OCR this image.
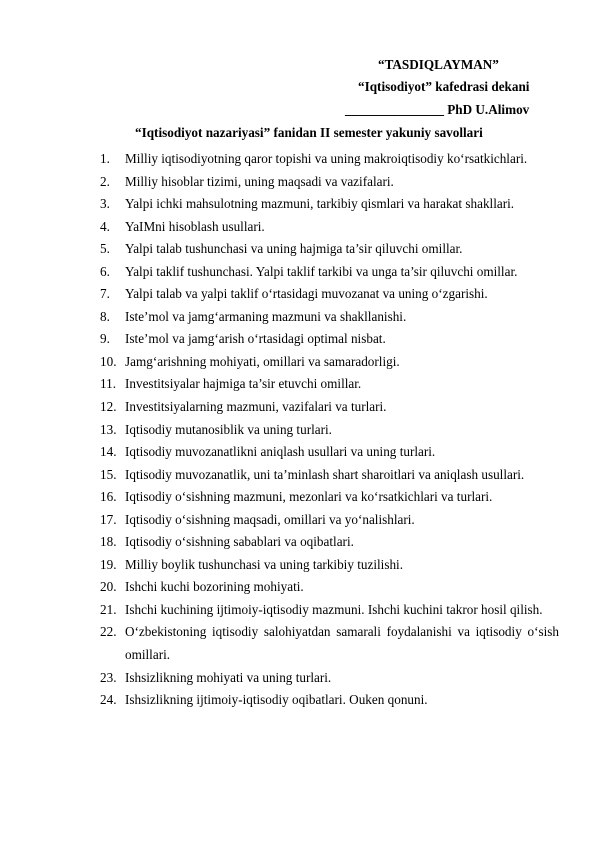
“TASDIQLAYMAN”
“Iqtisodiyot” kafedrasi dekani
_______________ PhD U.Alimov
“Iqtisodiyot nazariyasi” fanidan II semester yakuniy savollari
1. Milliy iqtisodiyotning qaror topishi va uning makroiqtisodiy ko‘rsatkichlari.
2. Milliy hisoblar tizimi, uning maqsadi va vazifalari.
3. Yalpi ichki mahsulotning mazmuni, tarkibiy qismlari va harakat shakllari.
4. YaIMni hisoblash usullari.
5. Yalpi talab tushunchasi va uning hajmiga ta’sir qiluvchi omillar.
6. Yalpi taklif tushunchasi. Yalpi taklif tarkibi va unga ta’sir qiluvchi omillar.
7. Yalpi talab va yalpi taklif o‘rtasidagi muvozanat va uning o‘zgarishi.
8. Iste’mol va jamg‘armaning mazmuni va shakllanishi.
9. Iste’mol va jamg‘arish o‘rtasidagi optimal nisbat.
10. Jamg‘arishning mohiyati, omillari va samaradorligi.
11. Investitsiyalar hajmiga ta’sir etuvchi omillar.
12. Investitsiyalarning mazmuni, vazifalari va turlari.
13. Iqtisodiy mutanosiblik va uning turlari.
14. Iqtisodiy muvozanatlikni aniqlash usullari va uning turlari.
15. Iqtisodiy muvozanatlik, uni ta’minlash shart sharoitlari va aniqlash usullari.
16. Iqtisodiy o‘sishning mazmuni, mezonlari va ko‘rsatkichlari va turlari.
17. Iqtisodiy o‘sishning maqsadi, omillari va yo‘nalishlari.
18. Iqtisodiy o‘sishning sabablari va oqibatlari.
19. Milliy boylik tushunchasi va uning tarkibiy tuzilishi.
20. Ishchi kuchi bozorining mohiyati.
21. Ishchi kuchining ijtimoiy-iqtisodiy mazmuni. Ishchi kuchini takror hosil qilish.
22. O‘zbekistoning iqtisodiy salohiyatdan samarali foydalanishi va iqtisodiy o‘sish omillari.
23. Ishsizlikning mohiyati va uning turlari.
24. Ishsizlikning ijtimoiy-iqtisodiy oqibatlari. Ouken qonuni.
